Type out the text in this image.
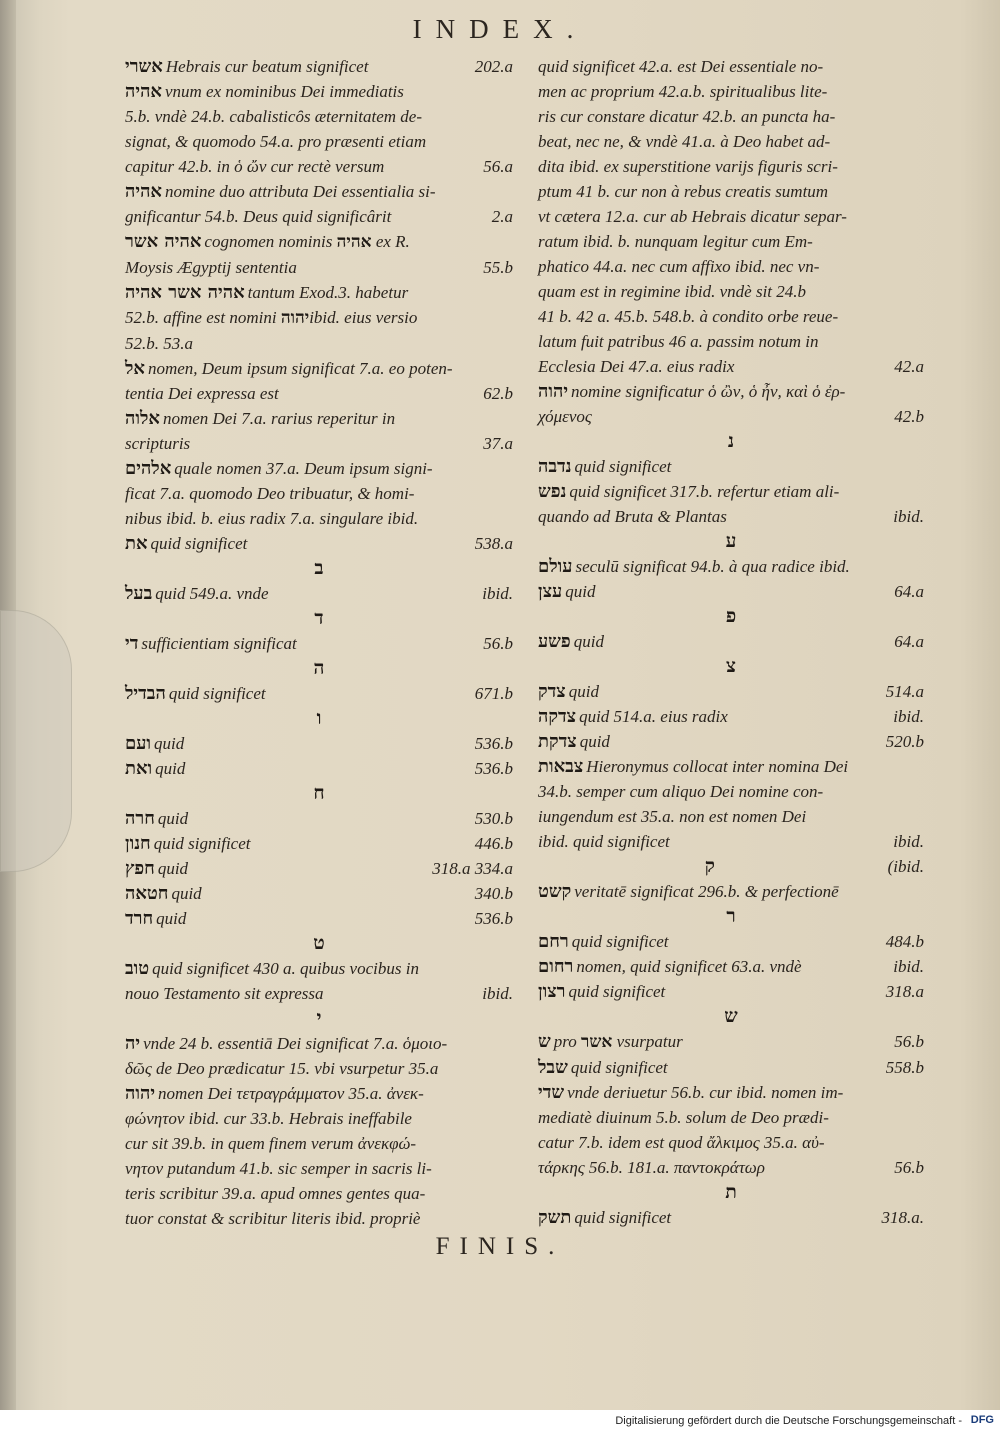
INDEX.
אשרי Hebrais cur beatum significet	202.a
אהיה vnum ex nominibus Dei immediatis
5.b. vndè 24.b. cabalisticȏs æternitatem de-
signat, & quomodo 54.a. pro præsenti etiam
capitur 42.b. in ὁ ὤν cur rectè versum	56.a
אהיה nomine duo attributa Dei essentialia si-
gnificantur 54.b. Deus quid significârit	2.a
אהיה אשר cognomen nominis אהיה ex R.
Moysis Ægyptij sententia	55.b
אהיה אשר אהיה tantum Exod.3. habetur
52.b. affine est nomini יהוהibid. eius versio
52.b. 53.a
אל nomen, Deum ipsum significat 7.a. eo poten-
tentia Dei expressa est	62.b
אלוה nomen Dei 7.a. rarius reperitur in
scripturis	37.a
אלהים quale nomen 37.a. Deum ipsum signi-
ficat 7.a. quomodo Deo tribuatur, & homi-
nibus ibid. b. eius radix 7.a. singulare ibid.
את quid significet	538.a
ב
בעל quid 549.a. vnde	ibid.
ד
די sufficientiam significat	56.b
ה
הבדיל quid significet	671.b
ו
ועם quid	536.b
ואת quid	536.b
ח
חרה quid	530.b
חנון quid significet	446.b
חפץ quid	318.a 334.a
חטאה quid	340.b
חרד quid	536.b
ט
טוב quid significet 430 a. quibus vocibus in
nouo Testamento sit expressa	ibid.
י
יה vnde 24 b. essentiā Dei significat 7.a. ὁμοιο-
δῶς de Deo prædicatur 15. vbi vsurpetur 35.a
יהוה nomen Dei τετραγράμματον 35.a. ἀνεκ-
φώνητον ibid. cur 33.b. Hebrais ineffabile
cur sit 39.b. in quem finem verum ἀνεκφώ-
νητον putandum 41.b. sic semper in sacris li-
teris scribitur 39.a. apud omnes gentes qua-
tuor constat & scribitur literis ibid. propriè
quid significet 42.a. est Dei essentiale no-
men ac proprium 42.a.b. spiritualibus lite-
ris cur constare dicatur 42.b. an puncta ha-
beat, nec ne, & vndè 41.a. à Deo habet ad-
dita ibid. ex superstitione varijs figuris scri-
ptum 41 b. cur non à rebus creatis sumtum
vt cætera 12.a. cur ab Hebrais dicatur separ-
ratum ibid. b. nunquam legitur cum Em-
phatico 44.a. nec cum affixo ibid. nec vn-
quam est in regimine ibid. vndè sit 24.b
41 b. 42 a. 45.b. 548.b. à condito orbe reue-
latum fuit patribus 46 a. passim notum in
Ecclesia Dei 47.a. eius radix	42.a
יהוה nomine significatur ὁ ὢν, ὁ ἦν, καὶ ὁ ἐρ-
χόμενος	42.b
נ
נדבה quid significet
נפש quid significet 317.b. refertur etiam ali-
quando ad Bruta & Plantas	ibid.
ע
עולם seculū significat 94.b. à qua radice ibid.
עצן quid	64.a
פ
פשע quid	64.a
צ
צדק quid	514.a
צדקה quid 514.a. eius radix	ibid.
צדקת quid	520.b
צבאות Hieronymus collocat inter nomina Dei
34.b. semper cum aliquo Dei nomine con-
iungendum est 35.a. non est nomen Dei
ibid. quid significet	ibid.
ק	(ibid.
קשט veritatē significat 296.b. & perfectionē
ר
רחם quid significet	484.b
רחום nomen, quid significet 63.a. vndè	ibid.
רצון quid significet	318.a
ש
ש pro אשר vsurpatur	56.b
שבל quid significet	558.b
שדי vnde deriuetur 56.b. cur ibid. nomen im-
mediatè diuinum 5.b. solum de Deo prædi-
catur 7.b. idem est quod ἄλκιμος 35.a. αὐ-
τάρκης 56.b. 181.a. παντοκράτωρ	56.b
ת
תשק quid significet	318.a.
FINIS.
Digitalisierung gefördert durch die Deutsche Forschungsgemeinschaft - DFG
